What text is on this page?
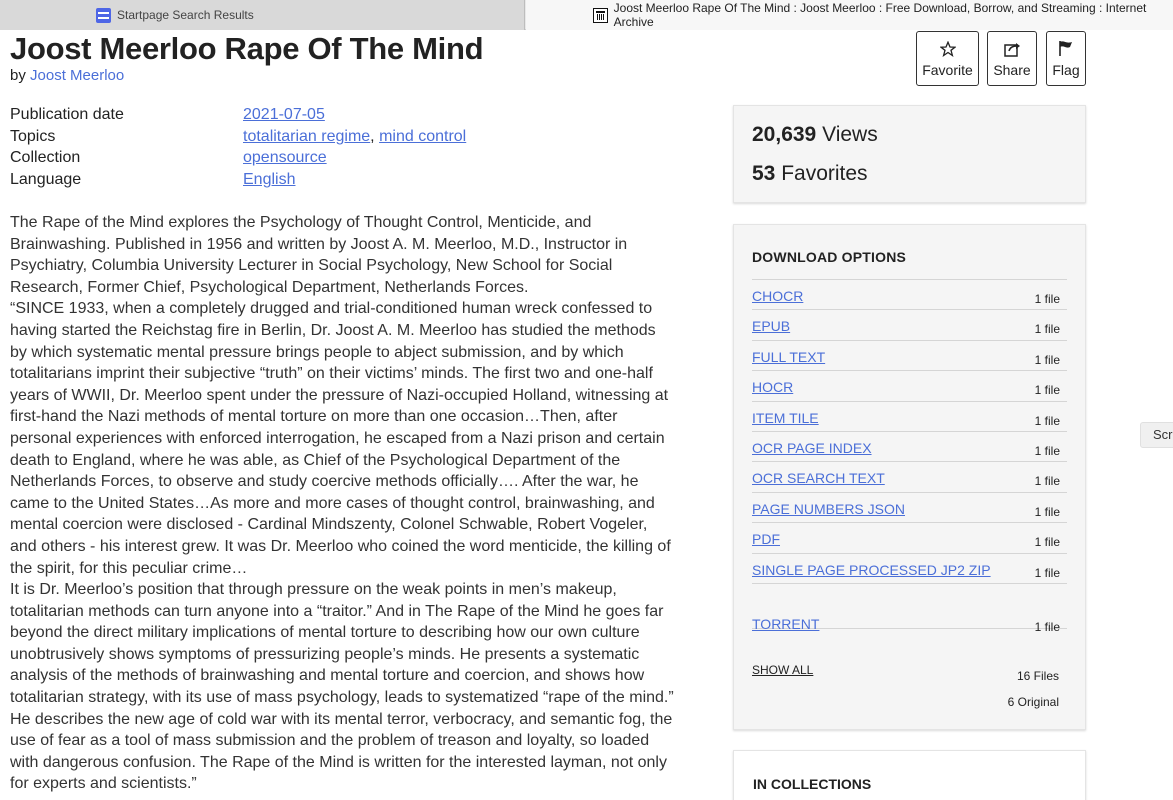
Startpage Search Results	Joost Meerloo Rape Of The Mind : Joost Meerloo : Free Download, Borrow, and Streaming : Internet Archive
Joost Meerloo Rape Of The Mind
by Joost Meerloo	Favorite Share Flag
Publication date	2021-07-05
Topics	totalitarian regime, mind control
Collection	opensource
Language	English

The Rape of the Mind explores the Psychology of Thought Control, Menticide, and Brainwashing. Published in 1956 and written by Joost A. M. Meerloo, M.D., Instructor in Psychiatry, Columbia University Lecturer in Social Psychology, New School for Social Research, Former Chief, Psychological Department, Netherlands Forces.

“SINCE 1933, when a completely drugged and trial-conditioned human wreck confessed to having started the Reichstag fire in Berlin, Dr. Joost A. M. Meerloo has studied the methods by which systematic mental pressure brings people to abject submission, and by which totalitarians imprint their subjective “truth” on their victims’ minds. The first two and one-half years of WWII, Dr. Meerloo spent under the pressure of Nazi-occupied Holland, witnessing at first-hand the Nazi methods of mental torture on more than one occasion…Then, after personal experiences with enforced interrogation, he escaped from a Nazi prison and certain death to England, where he was able, as Chief of the Psychological Department of the Netherlands Forces, to observe and study coercive methods officially…. After the war, he came to the United States…As more and more cases of thought control, brainwashing, and mental coercion were disclosed - Cardinal Mindszenty, Colonel Schwable, Robert Vogeler, and others - his interest grew. It was Dr. Meerloo who coined the word menticide, the killing of the spirit, for this peculiar crime…

It is Dr. Meerloo’s position that through pressure on the weak points in men’s makeup, totalitarian methods can turn anyone into a “traitor.” And in The Rape of the Mind he goes far beyond the direct military implications of mental torture to describing how our own culture unobtrusively shows symptoms of pressurizing people’s minds. He presents a systematic analysis of the methods of brainwashing and mental torture and coercion, and shows how totalitarian strategy, with its use of mass psychology, leads to systematized “rape of the mind.” He describes the new age of cold war with its mental terror, verbocracy, and semantic fog, the use of fear as a tool of mass submission and the problem of treason and loyalty, so loaded with dangerous confusion. The Rape of the Mind is written for the interested layman, not only for experts and scientists.”

20,639 Views
53 Favorites
DOWNLOAD OPTIONS
CHOCR	1 file
EPUB	1 file
FULL TEXT	1 file
HOCR	1 file
ITEM TILE	1 file
OCR PAGE INDEX	1 file
OCR SEARCH TEXT	1 file
PAGE NUMBERS JSON	1 file
PDF	1 file
SINGLE PAGE PROCESSED JP2 ZIP	1 file
TORRENT	1 file
SHOW ALL	16 Files
6 Original
IN COLLECTIONS
Scr
